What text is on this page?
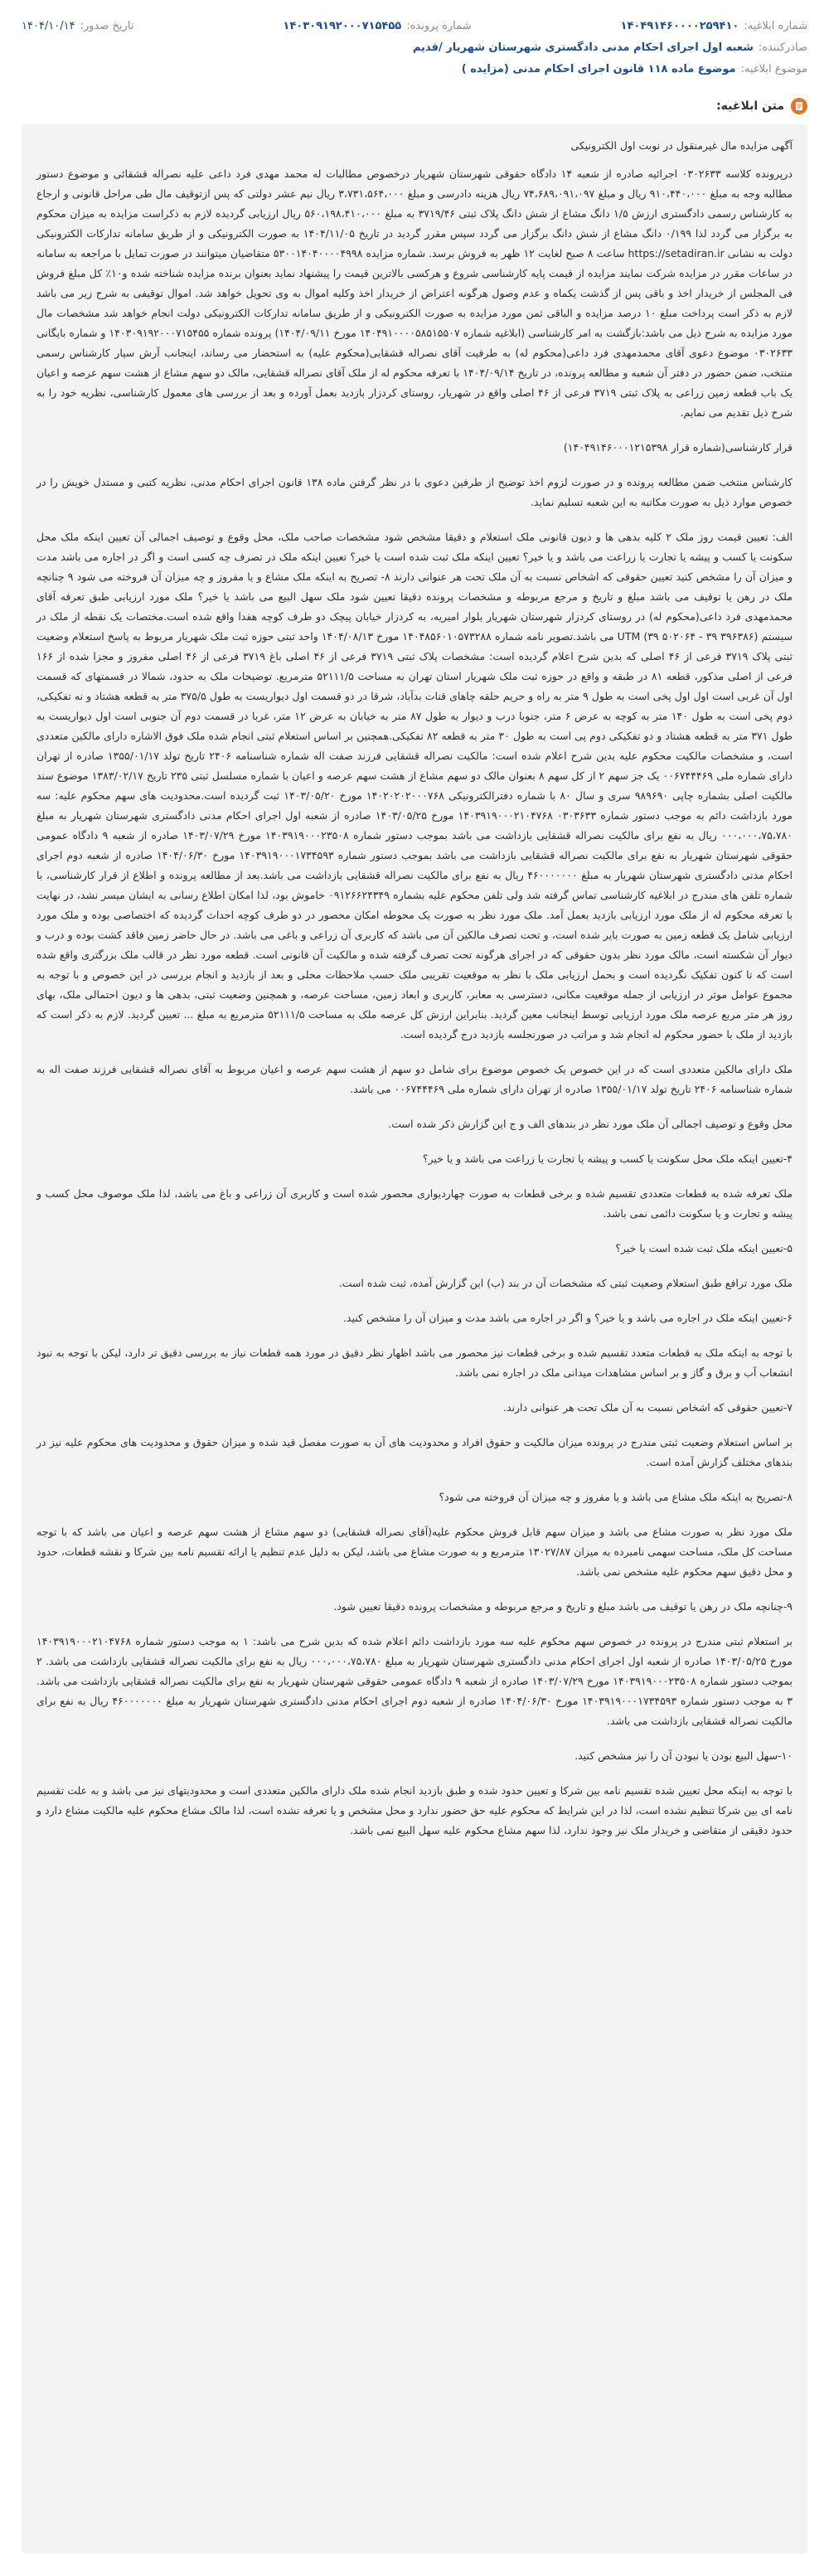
شماره ابلاغیه:
۱۴۰۴۹۱۴۶۰۰۰۰۲۵۹۴۱۰
شماره پرونده:
۱۴۰۳۰۹۱۹۲۰۰۰۷۱۵۴۵۵
تاریخ صدور:
۱۴۰۴/۱۰/۱۴
صادرکننده:
شعبه اول اجرای احکام مدنی دادگستری شهرستان شهریار /قدیم
موضوع ابلاغیه:
موضوع ماده ۱۱۸ قانون اجرای احکام مدنی (مزایده )
متن ابلاغیه:

آگهی مزایده مال غیرمنقول در نوبت اول الکترونیکی

درپرونده کلاسه ۰۳۰۲۶۳۳ اجرائیه صادره از شعبه ۱۴ دادگاه حقوقی شهرستان شهریار درخصوص مطالبات له محمد مهدی فرد داعی علیه نصراله قشقائی و موضوع دستور مطالبه وجه به مبلغ ۹۱۰،۴۴۰،۰۰۰ ریال و مبلغ ۷۴،۶۸۹،۰۹۱،۰۹۷ ریال هزینه دادرسی و مبلغ ۳،۷۳۱،۵۶۴،۰۰۰ ریال نیم عشر دولتی که پس ازتوقیف مال طی مراحل قانونی و ارجاع به کارشناس رسمی دادگستری ارزش ۱/۵ دانگ مشاع از شش دانگ پلاک ثبتی ۳۷۱۹/۴۶ به مبلغ ۵۶۰،۱۹۸،۴۱۰،۰۰۰ ریال ارزیابی گردیده لازم به ذکراست مزایده به میزان محکوم به برگزار می گردد لذا ۰/۱۹۹ دانگ مشاع از شش دانگ برگزار می گردد سپس مقرر گردید در تاریخ ۱۴۰۴/۱۱/۰۵ به صورت الکترونیکی و از طریق سامانه تدارکات الکترونیکی دولت به نشانی https://setadiran.ir ساعت ۸ صبح لغایت ۱۲ ظهر به فروش برسد. شماره مزایده ۵۳۰۰۱۴۰۴۰۰۰۰۴۹۹۸ متقاضیان میتوانند در صورت تمایل با مراجعه به سامانه در ساعات مقرر در مزایده شرکت نمایند مزایده از قیمت پایه کارشناسی شروع و هرکسی بالاترین قیمت را پیشنهاد نماید بعنوان برنده مزایده شناخته شده و۱۰٪ کل مبلغ فروش فی المجلس از خریدار اخذ و باقی پس از گذشت یکماه و عدم وصول هرگونه اعتراض از خریدار اخذ وکلیه اموال به وی تحویل خواهد شد. اموال توقیفی به شرح زیر می باشد لازم به ذکر است پرداخت مبلغ ۱۰ درصد مزایده و الباقی ثمن مورد مزایده به صورت الکترونیکی و از طریق سامانه تدارکات الکترونیکی دولت انجام خواهد شد مشخصات مال مورد مزایده به شرح ذیل می باشد:بازگشت به امر کارشناسی (ابلاغیه شماره ۱۴۰۴۹۱۰۰۰۰۵۸۵۱۵۵۰۷ مورخ ۱۴۰۴/۰۹/۱۱) پرونده شماره ۱۴۰۳۰۹۱۹۲۰۰۰۷۱۵۴۵۵ و شماره بایگانی ۰۳۰۲۶۳۳ موضوع دعوی آقای محمدمهدی فرد داعی(محکوم له) به طرفیت آقای نصراله قشقایی(محکوم علیه) به استحضار می رساند، اینجانب آرش سیار کارشناس رسمی منتخب، ضمن حضور در دفتر آن شعبه و مطالعه پرونده، در تاریخ ۱۴۰۴/۰۹/۱۴ با تعرفه محکوم له از ملک آقای نصراله قشقایی، مالک دو سهم مشاع از هشت سهم عرصه و اعیان یک باب قطعه زمین زراعی به پلاک ثبتی ۳۷۱۹ فرعی از ۴۶ اصلی واقع در شهریار، روستای کردزار بازدید بعمل آورده و بعد از بررسی های معمول کارشناسی، نظریه خود را به شرح ذیل تقدیم می نمایم.

قرار کارشناسی(شماره قرار ۱۴۰۴۹۱۴۶۰۰۰۱۲۱۵۳۹۸)

کارشناس منتخب ضمن مطالعه پرونده و در صورت لزوم اخذ توضیح از طرفین دعوی با در نظر گرفتن ماده ۱۳۸ قانون اجرای احکام مدنی، نظریه کتبی و مستدل خویش را در خصوص موارد ذیل به صورت مکاتبه به این شعبه تسلیم نماید.

الف: تعیین قیمت روز ملک ۲ کلیه بدهی ها و دیون قانونی ملک استعلام و دقیقا مشخص شود مشخصات صاحب ملک، محل وقوع و توصیف اجمالی آن تعیین اینکه ملک محل سکونت یا کسب و پیشه یا تجارت یا زراعت می باشد و یا خیر؟ تعیین اینکه ملک ثبت شده است یا خیر؟ تعیین اینکه ملک در تصرف چه کسی است و اگر در اجاره می باشد مدت و میزان آن را مشخص کنید تعیین حقوقی که اشخاص نسبت به آن ملک تحت هر عنوانی دارند ۸- تصریح به اینکه ملک مشاع و یا مفروز و چه میزان آن فروخته می شود ۹ چنانچه ملک در رهن یا توقیف می باشد مبلغ و تاریخ و مرجع مربوطه و مشخصات پرونده دقیقا تعیین شود ملک سهل البیع می باشد یا خیر؟ ملک مورد ارزیابی طبق تعرفه آقای محمدمهدی فرد داعی(محکوم له) در روستای کردزار شهرستان شهریار بلوار امیریه، به کردزار خیابان پیچک دو طرف کوچه هفدا واقع شده است.مختصات یک نقطه از ملک در سیستم UTM (۳۹ ۵۰۲۰۶۴ - ۳۹ ۳۹۶۳۸۶) می باشد.تصویر نامه شماره ۱۴۰۴۸۵۶۰۱۰۵۷۳۲۸۸ مورخ ۱۴۰۴/۰۸/۱۳ واحد ثبتی حوزه ثبت ملک شهریار مربوط به پاسخ استعلام وضعیت ثبتی پلاک ۳۷۱۹ فرعی از ۴۶ اصلی که بدین شرح اعلام گردیده است: مشخصات پلاک ثبتی ۳۷۱۹ فرعی از ۴۶ اصلی باغ ۳۷۱۹ فرعی از ۴۶ اصلی مفروز و مجزا شده از ۱۶۶ فرعی از اصلی مذکور، قطعه ۸۱ در طبقه و واقع در حوزه ثبت ملک شهریار استان تهران به مساحت ۵۲۱۱۱/۵ مترمربع. توضیحات ملک به حدود، شمالا در قسمتهای که قسمت اول آن غربی است اول اول پخی است به طول ۹ متر به راه و حریم حلقه چاهای قنات بدآباد، شرقا در دو قسمت اول دیواریست به طول ۳۷۵/۵ متر به قطعه هشتاد و نه تفکیکی، دوم پخی است به طول ۱۴۰ متر به کوچه به عرض ۶ متر، جنوبا درب و دیوار به طول ۸۷ متر به خیابان به عرض ۱۲ متر، غربا در قسمت دوم آن جنوبی است اول دیواریست به طول ۳۷۱ متر به قطعه هشتاد و دو تفکیکی دوم پی است به طول ۳۰ متر به قطعه ۸۲ تفکیکی.همچنین بر اساس استعلام ثبتی انجام شده ملک فوق الاشاره دارای مالکین متعددی است، و مشخصات مالکیت محکوم علیه بدین شرح اعلام شده است: مالکیت نصراله قشقایی فرزند صفت اله شماره شناسنامه ۲۴۰۶ تاریخ تولد ۱۳۵۵/۰۱/۱۷ صادره از تهران دارای شماره ملی ۰۰۶۷۴۴۴۶۹ یک جز سهم ۲ از کل سهم ۸ بعنوان مالک دو سهم مشاع از هشت سهم عرصه و اعیان با شماره مسلسل ثبتی ۲۳۵ تاریخ ۱۳۸۳/۰۲/۱۷ موضوع سند مالکیت اصلی بشماره چاپی ۹۸۹۶۹۰ سری و سال ۸۰ با شماره دفترالکترونیکی ۱۴۰۲۰۲۰۲۰۰۰۷۶۸ مورخ ۱۴۰۳/۰۵/۲۰ ثبت گردیده است.محدودیت های سهم محکوم علیه: سه مورد بازداشت دائم به موجب دستور شماره ۰۳۰۳۶۳۳ ۱۴۰۳۹۱۹۰۰۰۲۱۰۴۷۶۸ مورخ ۱۴۰۳/۰۵/۲۵ صادره از شعبه اول اجرای احکام مدنی دادگستری شهرستان شهریار به مبلغ ۰۰۰،۰۰۰،۷۵،۷۸۰ ریال به نفع برای مالکیت نصراله قشقایی بازداشت می باشد بموجب دستور شماره ۱۴۰۳۹۱۹۰۰۰۲۳۵۰۸ مورخ ۱۴۰۳/۰۷/۲۹ صادره از شعبه ۹ دادگاه عمومی حقوقی شهرستان شهریار به نفع برای مالکیت نصراله قشقایی بازداشت می باشد بموجب دستور شماره ۱۴۰۳۹۱۹۰۰۰۱۷۳۴۵۹۳ مورخ ۱۴۰۴/۰۶/۳۰ صادره از شعبه دوم اجرای احکام مدنی دادگستری شهرستان شهریار به مبلغ ۴۶۰۰۰۰۰۰۰ ریال به نفع برای مالکیت نصراله قشقایی بازداشت می باشد.بعد از مطالعه پرونده و اطلاع از قرار کارشناسی، با شماره تلفن های مندرج در ابلاغیه کارشناسی تماس گرفته شد ولی تلفن محکوم علیه بشماره ۰۹۱۲۶۶۲۴۳۴۹ خاموش بود، لذا امکان اطلاع رسانی به ایشان میسر نشد، در نهایت با تعرفه محکوم له از ملک مورد ارزیابی بازدید بعمل آمد. ملک مورد نظر به صورت یک محوطه امکان محصور در دو طرف کوچه احداث گردیده که اختصاصی بوده و ملک مورد ارزیابی شامل یک قطعه زمین به صورت بایر شده است، و تحت تصرف مالکین آن می باشد که کاربری آن زراعی و باغی می باشد. در حال حاضر زمین فاقد کشت بوده و درب و دیوار آن شکسته است، مالک مورد نظر بدون حقوقی که در اجرای هرگونه تحت تصرف گرفته شده و مالکیت آن قانونی است. قطعه مورد نظر در قالب ملک بزرگتری واقع شده است که تا کنون تفکیک نگردیده است و بحمل ارزیابی ملک با نظر به موقعیت تقریبی ملک حسب ملاحظات محلی و بعد از بازدید و انجام بررسی در این خصوص و با توجه به مجموع عوامل موثر در ارزیابی از جمله موقعیت مکانی، دسترسی به معابر، کاربری و ابعاد زمین، مساحت عرصه، و همچنین وضعیت ثبتی، بدهی ها و دیون احتمالی ملک، بهای روز هر متر مربع عرصه ملک مورد ارزیابی توسط اینجانب معین گردید. بنابراین ارزش کل عرصه ملک به مساحت ۵۲۱۱۱/۵ مترمربع به مبلغ ... تعیین گردید. لازم به ذکر است که بازدید از ملک با حضور محکوم له انجام شد و مراتب در صورتجلسه بازدید درج گردیده است.

ملک دارای مالکین متعددی است که در این خصوص یک خصوص موضوع برای شامل دو سهم از هشت سهم عرصه و اعیان مربوط به آقای نصراله قشقایی فرزند صفت اله به شماره شناسنامه ۲۴۰۶ تاریخ تولد ۱۳۵۵/۰۱/۱۷ صادره از تهران دارای شماره ملی ۰۰۶۷۴۴۴۶۹ می باشد.

محل وقوع و توصیف اجمالی آن ملک مورد نظر در بندهای الف و ج این گزارش ذکر شده است.

۴-تعیین اینکه ملک محل سکونت یا کسب و پیشه یا تجارت یا زراعت می باشد و یا خیر؟

ملک تعرفه شده به قطعات متعددی تقسیم شده و برخی قطعات به صورت چهاردیواری محصور شده است و کاربری آن زراعی و باغ می باشد، لذا ملک موصوف محل کسب و پیشه و تجارت و یا سکونت دائمی نمی باشد.

۵-تعیین اینکه ملک ثبت شده است یا خیر؟

ملک مورد ترافع طبق استعلام وضعیت ثبتی که مشخصات آن در بند (ب) این گزارش آمده، ثبت شده است.

۶-تعیین اینکه ملک در اجاره می باشد و یا خیر؟ و اگر در اجاره می باشد مدت و میزان آن را مشخص کنید.

با توجه به اینکه ملک به قطعات متعدد تقسیم شده و برخی قطعات نیز محصور می باشد اظهار نظر دقیق در مورد همه قطعات نیاز به بررسی دقیق تر دارد، لیکن با توجه به نبود انشعاب آب و برق و گاز و بر اساس مشاهدات میدانی ملک در اجاره نمی باشد.

۷-تعیین حقوقی که اشخاص نسبت به آن ملک تحت هر عنوانی دارند.

بر اساس استعلام وضعیت ثبتی مندرج در پرونده میزان مالکیت و حقوق افراد و محدودیت های آن به صورت مفصل قید شده و میزان حقوق و محدودیت های محکوم علیه نیز در بندهای مختلف گزارش آمده است.

۸-تصریح به اینکه ملک مشاع می باشد و یا مفروز و چه میزان آن فروخته می شود؟

ملک مورد نظر به صورت مشاع می باشد و میزان سهم قابل فروش محکوم علیه(آقای نصراله قشقایی) دو سهم مشاع از هشت سهم عرصه و اعیان می باشد که با توجه مساحت کل ملک، مساحت سهمی نامبرده به میزان ۱۳۰۲۷/۸۷ مترمربع و به صورت مشاع می باشد، لیکن به دلیل عدم تنظیم یا ارائه تقسیم نامه بین شرکا و نقشه قطعات، حدود و محل دقیق سهم محکوم علیه مشخص نمی باشد.

۹-چنانچه ملک در رهن یا توقیف می باشد مبلغ و تاریخ و مرجع مربوطه و مشخصات پرونده دقیقا تعیین شود.

بر استعلام ثبتی مندرج در پرونده در خصوص سهم محکوم علیه سه مورد بازداشت دائم اعلام شده که بدین شرح می باشد: ۱ به موجب دستور شماره ۱۴۰۳۹۱۹۰۰۰۲۱۰۴۷۶۸ مورخ ۱۴۰۳/۰۵/۲۵ صادره از شعبه اول اجرای احکام مدنی دادگستری شهرستان شهریار به مبلغ ۰۰۰،۰۰۰،۷۵،۷۸۰ ریال به نفع برای مالکیت نصراله قشقایی بازداشت می باشد. ۲ بموجب دستور شماره ۱۴۰۳۹۱۹۰۰۰۲۳۵۰۸ مورخ ۱۴۰۳/۰۷/۲۹ صادره از شعبه ۹ دادگاه عمومی حقوقی شهرستان شهریار به نفع برای مالکیت نصراله قشقایی بازداشت می باشد. ۳ به موجب دستور شماره ۱۴۰۳۹۱۹۰۰۰۱۷۳۴۵۹۳ مورخ ۱۴۰۴/۰۶/۳۰ صادره از شعبه دوم اجرای احکام مدنی دادگستری شهرستان شهریار به مبلغ ۴۶۰۰۰۰۰۰۰ ریال به نفع برای مالکیت نصراله قشقایی بازداشت می باشد.

۱۰-سهل البیع بودن یا نبودن آن را نیز مشخص کنید.

با توجه به اینکه محل تعیین شده تقسیم نامه بین شرکا و تعیین حدود شده و طبق بازدید انجام شده ملک دارای مالکین متعددی است و محدودیتهای نیز می باشد و به علت تقسیم نامه ای بین شرکا تنظیم نشده است، لذا در این شرایط که محکوم علیه حق حضور ندارد و محل مشخص و یا تعرفه نشده است، لذا مالک مشاع محکوم علیه مالکیت مشاع دارد و حدود دقیقی از متقاضی و خریدار ملک نیز وجود ندارد، لذا سهم مشاع محکوم علیه سهل البیع نمی باشد.
